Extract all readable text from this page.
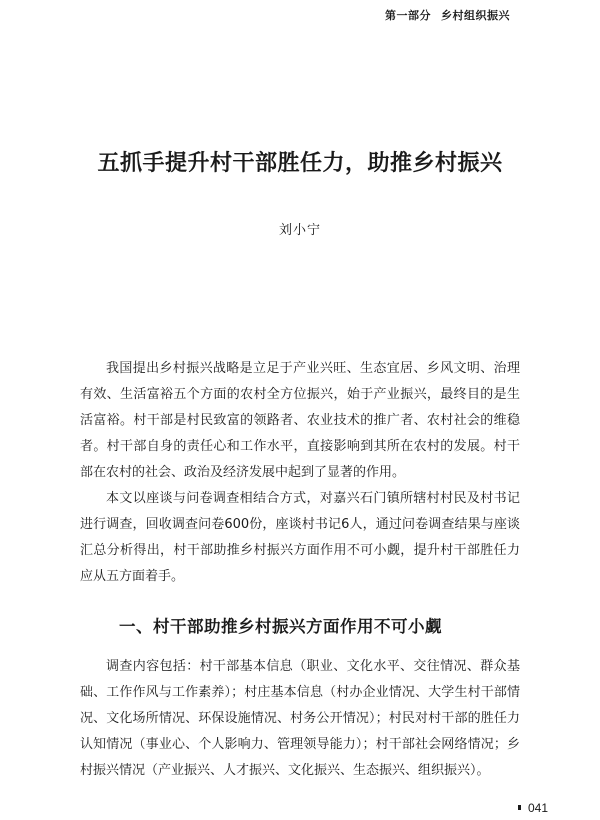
第一部分 乡村组织振兴
五抓手提升村干部胜任力，助推乡村振兴
刘小宁

我国提出乡村振兴战略是立足于产业兴旺、生态宜居、乡风文明、治理有效、生活富裕五个方面的农村全方位振兴，始于产业振兴，最终目的是生活富裕。村干部是村民致富的领路者、农业技术的推广者、农村社会的维稳者。村干部自身的责任心和工作水平，直接影响到其所在农村的发展。村干部在农村的社会、政治及经济发展中起到了显著的作用。

本文以座谈与问卷调查相结合方式，对嘉兴石门镇所辖村村民及村书记进行调查，回收调查问卷600份，座谈村书记6人，通过问卷调查结果与座谈汇总分析得出，村干部助推乡村振兴方面作用不可小觑，提升村干部胜任力应从五方面着手。

一、村干部助推乡村振兴方面作用不可小觑

调查内容包括：村干部基本信息（职业、文化水平、交往情况、群众基础、工作作风与工作素养）；村庄基本信息（村办企业情况、大学生村干部情况、文化场所情况、环保设施情况、村务公开情况）；村民对村干部的胜任力认知情况（事业心、个人影响力、管理领导能力）；村干部社会网络情况；乡村振兴情况（产业振兴、人才振兴、文化振兴、生态振兴、组织振兴）。

041
